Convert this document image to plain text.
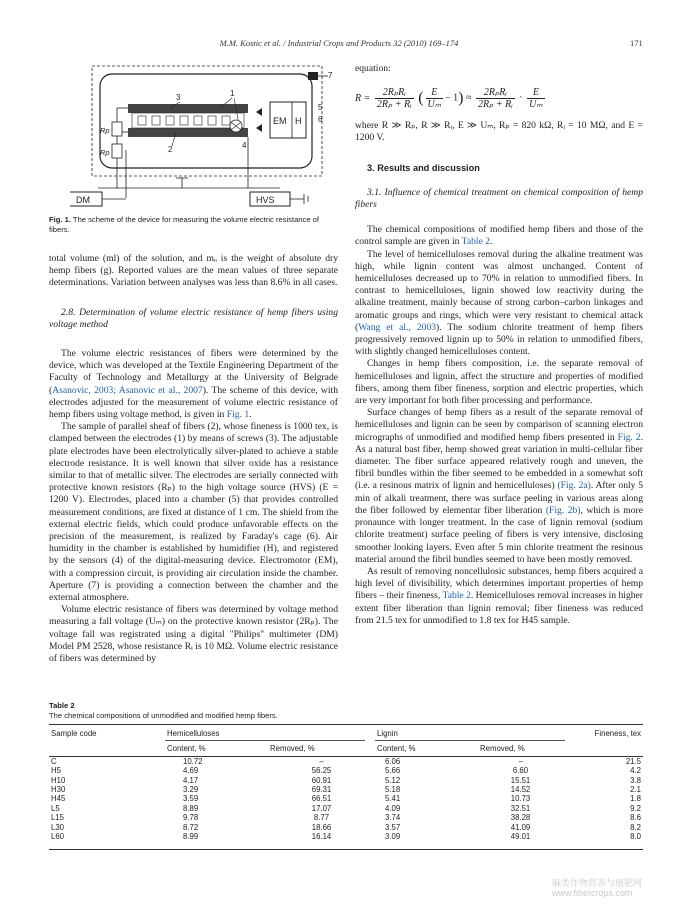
M.M. Kostic et al. / Industrial Crops and Products 32 (2010) 169–174	171
7
3	1
4
EM H
5
6
Rp
Rp	2
DM	HVS
Fig. 1. The scheme of the device for measuring the volume electric resistance of fibers.

total volume (ml) of the solution, and mₒ is the weight of absolute dry hemp fibers (g). Reported values are the mean values of three separate determinations. Variation between analyses was less than 8.6% in all cases.

2.8. Determination of volume electric resistance of hemp fibers using voltage method

The volume electric resistances of fibers were determined by the device, which was developed at the Textile Engineering Department of the Faculty of Technology and Metallurgy at the University of Belgrade (Asanovic, 2003; Asanovic et al., 2007). The scheme of this device, with electrodes adjusted for the measurement of volume electric resistance of hemp fibers using voltage method, is given in Fig. 1.

The sample of parallel sheaf of fibers (2), whose fineness is 1000 tex, is clamped between the electrodes (1) by means of screws (3). The adjustable plate electrodes have been electrolytically silver-plated to achieve a stable electrode resistance. It is well known that silver oxide has a resistance similar to that of metallic silver. The electrodes are serially connected with protective known resistors (Rₚ) to the high voltage source (HVS) (E = 1200 V). Electrodes, placed into a chamber (5) that provides controlled measurement conditions, are fixed at distance of 1 cm. The shield from the external electric fields, which could produce unfavorable effects on the precision of the measurement, is realized by Faraday's cage (6). Air humidity in the chamber is established by humidifier (H), and registered by the sensors (4) of the digital-measuring device. Electromotor (EM), with a compression circuit, is providing air circulation inside the chamber. Aperture (7) is providing a connection between the chamber and the external atmosphere.

Volume electric resistance of fibers was determined by voltage method measuring a fall voltage (Uₘ) on the protective known resistor (2Rₚ). The voltage fall was registrated using a digital "Philips" multimeter (DM) Model PM 2528, whose resistance Rᵢ is 10 MΩ. Volume electric resistance of fibers was determined by

equation:

$R = \frac{\text{2RₚRᵢ}}{\text{2Rₚ + Rᵢ}}$ ( $\frac{E}{\text{Uₘ}} - 1) \approx \frac{\text{2RₚRᵢ}}{\text{2Rₚ + Rᵢ}} \cdot \frac{E}{\text{Uₘ}}$

where R ≫ Rₚ, R ≫ Rᵢ, E ≫ Uₘ, Rₚ = 820 kΩ, Rᵢ = 10 MΩ, and E = 1200 V.

3. Results and discussion

3.1. Influence of chemical treatment on chemical composition of hemp fibers

The chemical compositions of modified hemp fibers and those of the control sample are given in Table 2.

The level of hemicelluloses removal during the alkaline treatment was high, while lignin content was almost unchanged. Content of hemicelluloses decreased up to 70% in relation to unmodified fibers. In contrast to hemicelluloses, lignin showed low reactivity during the alkaline treatment, mainly because of strong carbon–carbon linkages and aromatic groups and rings, which were very resistant to chemical attack (Wang et al., 2003). The sodium chlorite treatment of hemp fibers progressively removed lignin up to 50% in relation to unmodified fibers, with slightly changed hemicelluloses content.

Changes in hemp fibers composition, i.e. the separate removal of hemicelluloses and lignin, affect the structure and properties of modified fibers, among them fiber fineness, sorption and electric properties, which are very important for both fiber processing and performance.

Surface changes of hemp fibers as a result of the separate removal of hemicelluloses and lignin can be seen by comparison of scanning electron micrographs of unmodified and modified hemp fibers presented in Fig. 2. As a natural bast fiber, hemp showed great variation in multi-cellular fiber diameter. The fiber surface appeared relatively rough and uneven, the fibril bundles within the fiber seemed to be embedded in a somewhat soft (i.e. a resinous matrix of lignin and hemicelluloses) (Fig. 2a). After only 5 min of alkali treatment, there was surface peeling in various areas along the fiber followed by elementar fiber liberation (Fig. 2b), which is more pronaunce with longer treatment. In the case of lignin removal (sodium chlorite treatment) surface peeling of fibers is very intensive, disclosing smoother looking layers. Even after 5 min chlorite treatment the resinous material around the fibril bundles seemed to have been mostly removed.

As result of removing noncellulosic substances, hemp fibers acquired a high level of divisibility, which determines important properties of hemp fibers – their fineness, Table 2. Hemicelluloses removal increases in higher extent fiber liberation than lignin removal; fiber fineness was reduced from 21.5 tex for unmodified to 1.8 tex for H45 sample.

Table 2
The chemical compositions of unmodified and modified hemp fibers.
Sample code	Hemicelluloses		Lignin		Fineness, tex

	Content, %	Removed, %	Content, %	Removed, %	

C	10.72	–	6.06	–	21.5
H5	4.69	56.25	5.66	6.60	4.2
H10	4.17	60.91	5.12	15.51	3.8
H30	3.29	69.31	5.18	14.52	2.1
H45	3.59	66.51	5.41	10.73	1.8
L5	8.89	17.07	4.09	32.51	9.2
L15	9.78	8.77	3.74	38.28	8.6
L30	8.72	18.66	3.57	41.09	8.2
L60	8.99	16.14	3.09	49.01	8.0
麻类作物营养与施肥网
www.fibercrops.com
